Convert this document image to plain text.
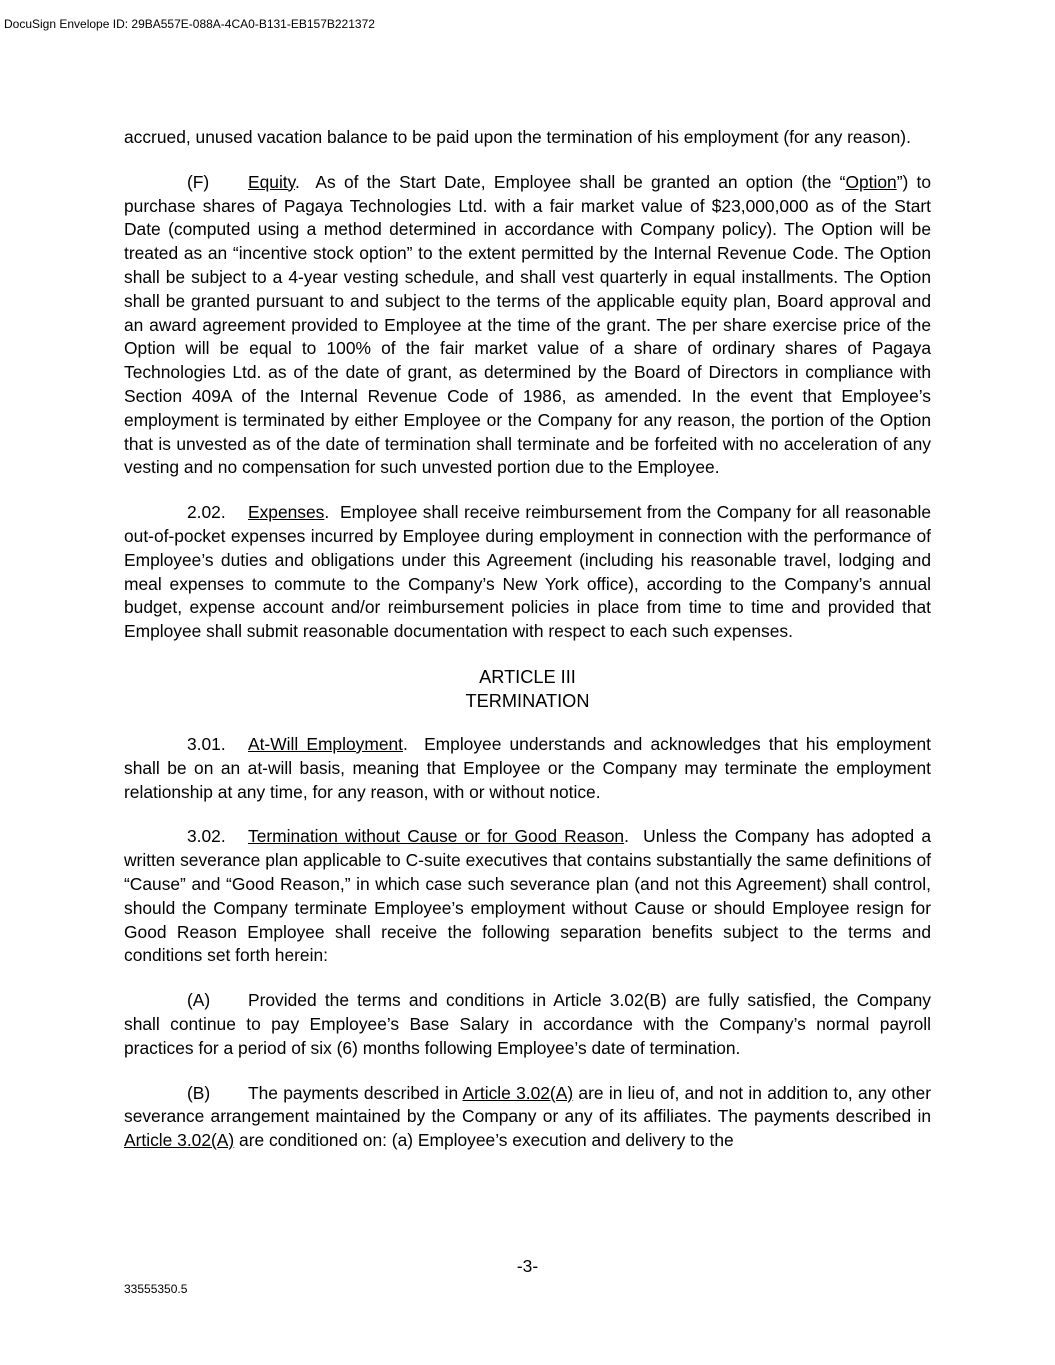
DocuSign Envelope ID: 29BA557E-088A-4CA0-B131-EB157B221372

accrued, unused vacation balance to be paid upon the termination of his employment (for any reason).

(F) Equity.  As of the Start Date, Employee shall be granted an option (the “Option”) to purchase shares of Pagaya Technologies Ltd. with a fair market value of $23,000,000 as of the Start Date (computed using a method determined in accordance with Company policy). The Option will be treated as an “incentive stock option” to the extent permitted by the Internal Revenue Code. The Option shall be subject to a 4-year vesting schedule, and shall vest quarterly in equal installments. The Option shall be granted pursuant to and subject to the terms of the applicable equity plan, Board approval and an award agreement provided to Employee at the time of the grant. The per share exercise price of the Option will be equal to 100% of the fair market value of a share of ordinary shares of Pagaya Technologies Ltd. as of the date of grant, as determined by the Board of Directors in compliance with Section 409A of the Internal Revenue Code of 1986, as amended. In the event that Employee’s employment is terminated by either Employee or the Company for any reason, the portion of the Option that is unvested as of the date of termination shall terminate and be forfeited with no acceleration of any vesting and no compensation for such unvested portion due to the Employee.

2.02. Expenses.  Employee shall receive reimbursement from the Company for all reasonable out-of-pocket expenses incurred by Employee during employment in connection with the performance of Employee’s duties and obligations under this Agreement (including his reasonable travel, lodging and meal expenses to commute to the Company’s New York office), according to the Company’s annual budget, expense account and/or reimbursement policies in place from time to time and provided that Employee shall submit reasonable documentation with respect to each such expenses.

ARTICLE III
TERMINATION

3.01. At-Will Employment.  Employee understands and acknowledges that his employment shall be on an at-will basis, meaning that Employee or the Company may terminate the employment relationship at any time, for any reason, with or without notice.

3.02. Termination without Cause or for Good Reason.  Unless the Company has adopted a written severance plan applicable to C-suite executives that contains substantially the same definitions of “Cause” and “Good Reason,” in which case such severance plan (and not this Agreement) shall control, should the Company terminate Employee’s employment without Cause or should Employee resign for Good Reason Employee shall receive the following separation benefits subject to the terms and conditions set forth herein:

(A) Provided the terms and conditions in Article 3.02(B) are fully satisfied, the Company shall continue to pay Employee’s Base Salary in accordance with the Company’s normal payroll practices for a period of six (6) months following Employee’s date of termination.

(B) The payments described in Article 3.02(A) are in lieu of, and not in addition to, any other severance arrangement maintained by the Company or any of its affiliates. The payments described in Article 3.02(A) are conditioned on: (a) Employee’s execution and delivery to the

-3-
33555350.5
